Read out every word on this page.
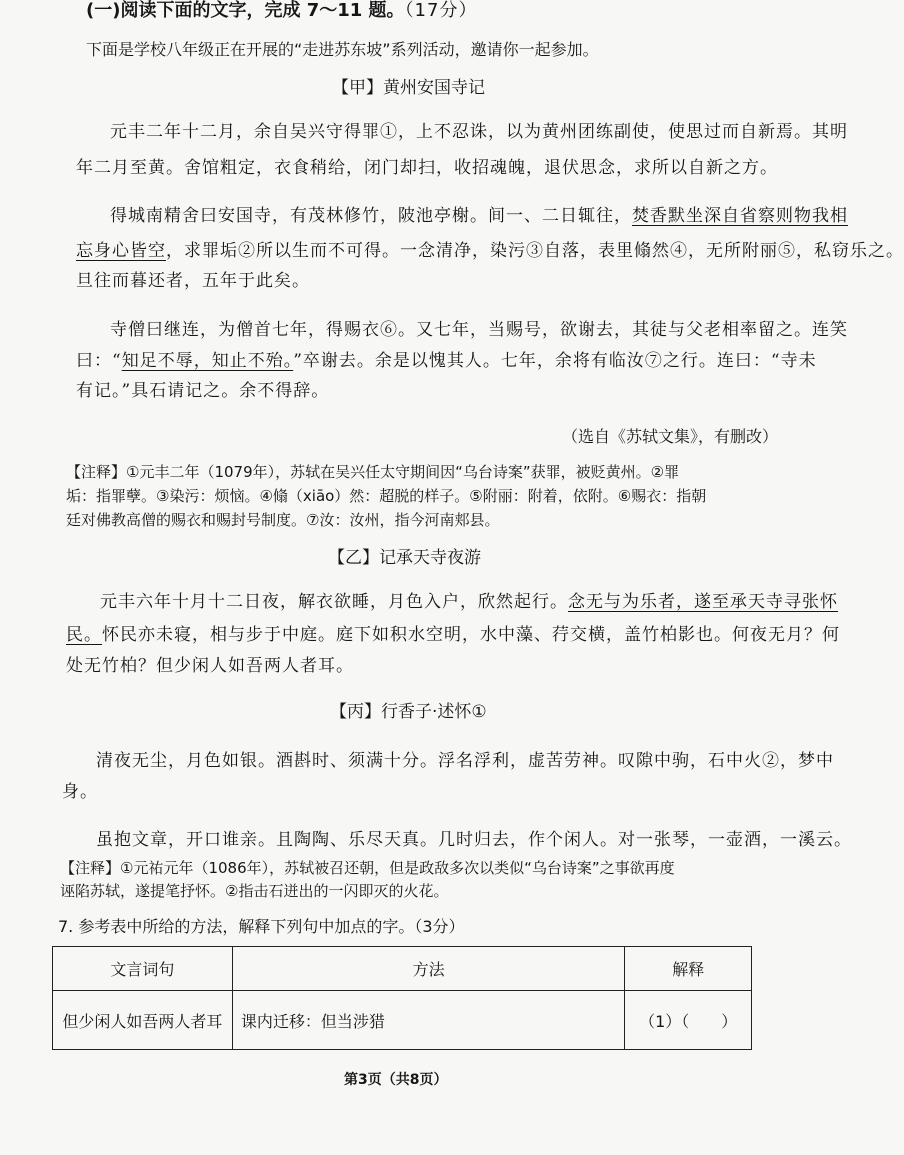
(一)阅读下面的文字，完成 7～11 题。（17分）
下面是学校八年级正在开展的“走进苏东坡”系列活动，邀请你一起参加。
【甲】黄州安国寺记
元丰二年十二月，余自吴兴守得罪①，上不忍诛，以为黄州团练副使，使思过而自新焉。其明
年二月至黄。舍馆粗定，衣食稍给，闭门却扫，收招魂魄，退伏思念，求所以自新之方。
得城南精舍曰安国寺，有茂林修竹，陂池亭榭。间一、二日辄往，焚香默坐深自省察则物我相
忘身心皆空，求罪垢②所以生而不可得。一念清净，染污③自落，表里翛然④，无所附丽⑤，私窃乐之。
旦往而暮还者，五年于此矣。
寺僧曰继连，为僧首七年，得赐衣⑥。又七年，当赐号，欲谢去，其徒与父老相率留之。连笑
曰：“知足不辱，知止不殆。”卒谢去。余是以愧其人。七年，余将有临汝⑦之行。连曰：“寺未
有记。”具石请记之。余不得辞。
（选自《苏轼文集》，有删改）
【注释】①元丰二年（1079年），苏轼在吴兴任太守期间因“乌台诗案”获罪，被贬黄州。②罪
垢：指罪孽。③染污：烦恼。④翛（xiāo）然：超脱的样子。⑤附丽：附着，依附。⑥赐衣：指朝
廷对佛教高僧的赐衣和赐封号制度。⑦汝：汝州，指今河南郏县。
【乙】记承天寺夜游
元丰六年十月十二日夜，解衣欲睡，月色入户，欣然起行。念无与为乐者，遂至承天寺寻张怀
民。怀民亦未寝，相与步于中庭。庭下如积水空明，水中藻、荇交横，盖竹柏影也。何夜无月？何
处无竹柏？但少闲人如吾两人者耳。
【丙】行香子·述怀①
清夜无尘，月色如银。酒斟时、须满十分。浮名浮利，虚苦劳神。叹隙中驹，石中火②，梦中
身。
虽抱文章，开口谁亲。且陶陶、乐尽天真。几时归去，作个闲人。对一张琴，一壶酒，一溪云。
【注释】①元祐元年（1086年），苏轼被召还朝，但是政敌多次以类似“乌台诗案”之事欲再度
诬陷苏轼，遂提笔抒怀。②指击石迸出的一闪即灭的火花。
7. 参考表中所给的方法，解释下列句中加点的字。（3分）
文言词句	方法	解释
但少闲人如吾两人者耳	课内迁移：但当涉猎	（1）（　　）
第3页（共8页）
